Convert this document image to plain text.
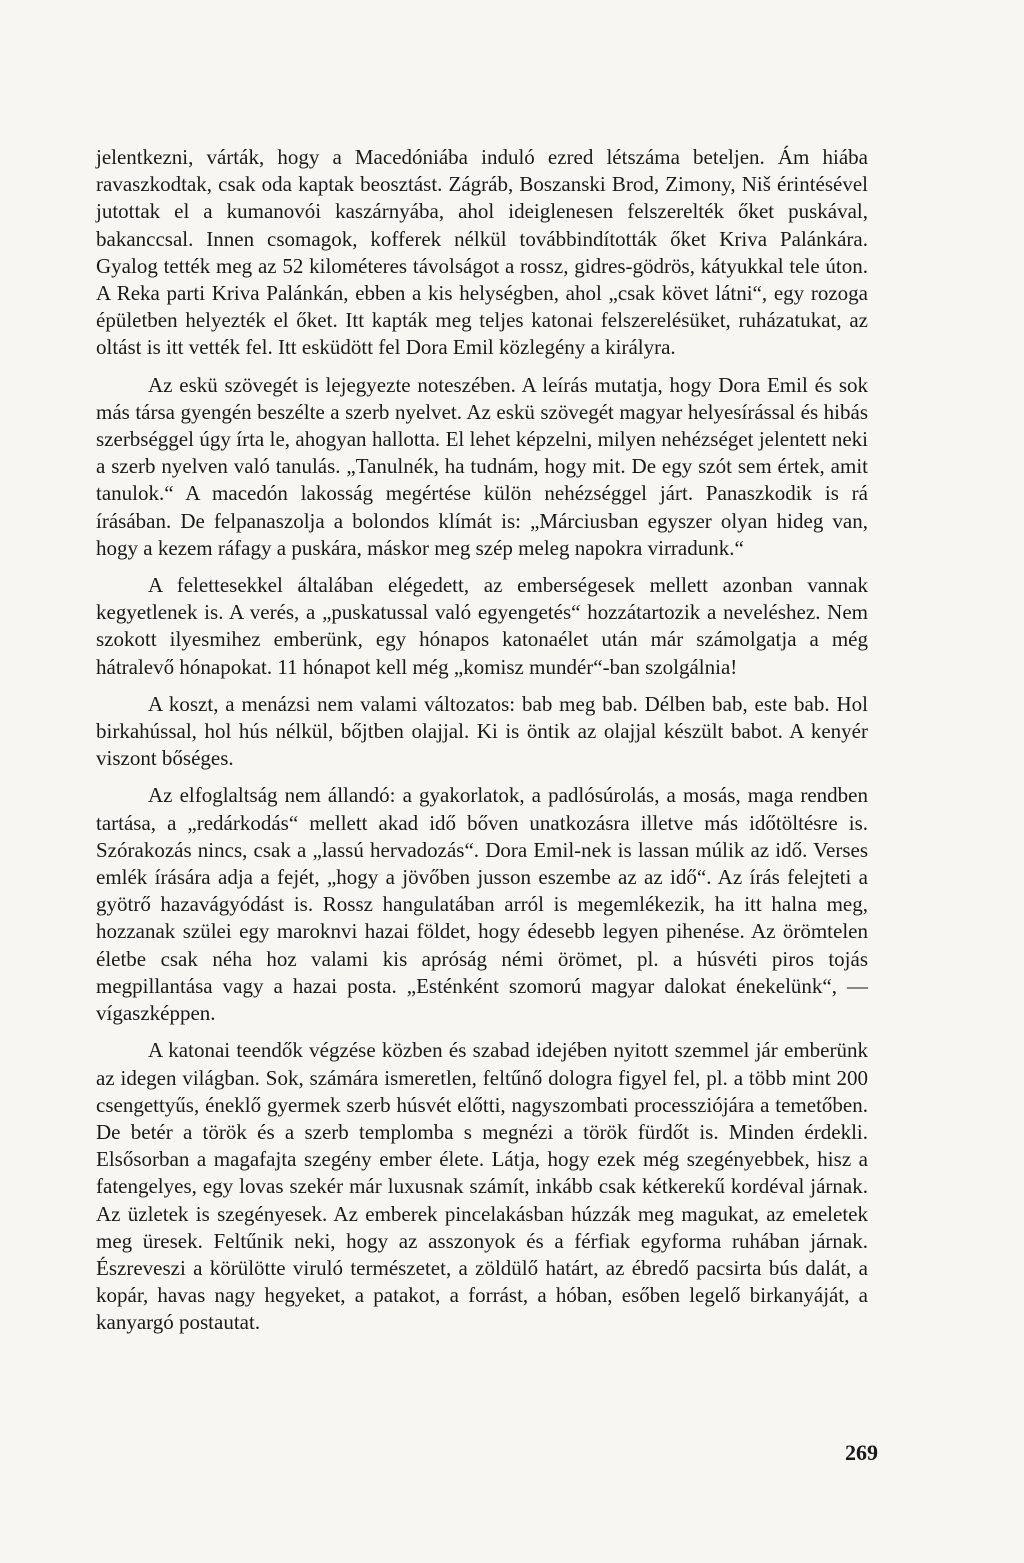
jelentkezni, várták, hogy a Macedóniába induló ezred létszáma beteljen. Ám hiába ravaszkodtak, csak oda kaptak beosztást. Zágráb, Boszanski Brod, Zimony, Niš érintésével jutottak el a kumanovói kaszárnyába, ahol ideiglenesen felszerelték őket puskával, bakanccsal. Innen csomagok, kofferek nélkül továbbindították őket Kriva Palánkára. Gyalog tették meg az 52 kilométeres távolságot a rossz, gidres-gödrös, kátyukkal tele úton. A Reka parti Kriva Palánkán, ebben a kis helységben, ahol „csak követ látni“, egy rozoga épületben helyezték el őket. Itt kapták meg teljes katonai felszerelésüket, ruházatukat, az oltást is itt vették fel. Itt esküdött fel Dora Emil közlegény a királyra.

Az eskü szövegét is lejegyezte noteszében. A leírás mutatja, hogy Dora Emil és sok más társa gyengén beszélte a szerb nyelvet. Az eskü szövegét magyar helyesírással és hibás szerbséggel úgy írta le, ahogyan hallotta. El lehet képzelni, milyen nehézséget jelentett neki a szerb nyelven való tanulás. „Tanulnék, ha tudnám, hogy mit. De egy szót sem értek, amit tanulok.“ A macedón lakosság megértése külön nehézséggel járt. Panaszkodik is rá írásában. De felpanaszolja a bolondos klímát is: „Márciusban egyszer olyan hideg van, hogy a kezem ráfagy a puskára, máskor meg szép meleg napokra virradunk.“

A felettesekkel általában elégedett, az emberségesek mellett azonban vannak kegyetlenek is. A verés, a „puskatussal való egyengetés“ hozzátartozik a neveléshez. Nem szokott ilyesmihez emberünk, egy hónapos katonaélet után már számolgatja a még hátralevő hónapokat. 11 hónapot kell még „komisz mundér“-ban szolgálnia!

A koszt, a menázsi nem valami változatos: bab meg bab. Délben bab, este bab. Hol birkahússal, hol hús nélkül, bőjtben olajjal. Ki is öntik az olajjal készült babot. A kenyér viszont bőséges.

Az elfoglaltság nem állandó: a gyakorlatok, a padlósúrolás, a mosás, maga rendben tartása, a „redárkodás“ mellett akad idő bőven unatkozásra illetve más időtöltésre is. Szórakozás nincs, csak a „lassú hervadozás“. Dora Emil-nek is lassan múlik az idő. Verses emlék írására adja a fejét, „hogy a jövőben jusson eszembe az az idő“. Az írás felejteti a gyötrő hazavágyódást is. Rossz hangulatában arról is megemlékezik, ha itt halna meg, hozzanak szülei egy maroknvi hazai földet, hogy édesebb legyen pihenése. Az örömtelen életbe csak néha hoz valami kis apróság némi örömet, pl. a húsvéti piros tojás megpillantása vagy a hazai posta. „Esténként szomorú magyar dalokat énekelünk“, — vígaszképpen.

A katonai teendők végzése közben és szabad idejében nyitott szemmel jár emberünk az idegen világban. Sok, számára ismeretlen, feltűnő dologra figyel fel, pl. a több mint 200 csengettyűs, éneklő gyermek szerb húsvét előtti, nagyszombati processziójára a temetőben. De betér a török és a szerb templomba s megnézi a török fürdőt is. Minden érdekli. Elsősorban a magafajta szegény ember élete. Látja, hogy ezek még szegényebbek, hisz a fatengelyes, egy lovas szekér már luxusnak számít, inkább csak kétkerekű kordéval járnak. Az üzletek is szegényesek. Az emberek pincelakásban húzzák meg magukat, az emeletek meg üresek. Feltűnik neki, hogy az asszonyok és a férfiak egyforma ruhában járnak. Észreveszi a körülötte viruló természetet, a zöldülő határt, az ébredő pacsirta bús dalát, a kopár, havas nagy hegyeket, a patakot, a forrást, a hóban, esőben legelő birkanyáját, a kanyargó postautat.

269
